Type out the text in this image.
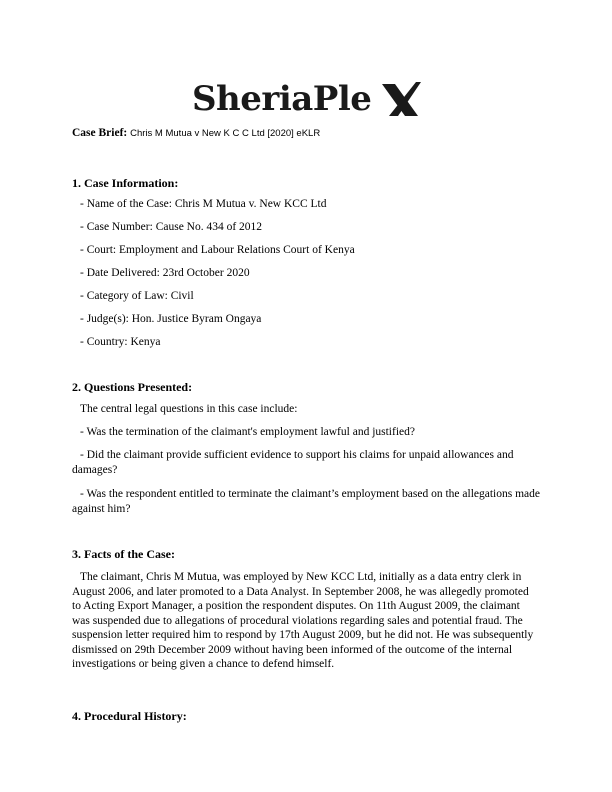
SheriaPle
Case Brief: Chris M Mutua v New K C C Ltd [2020] eKLR
1. Case Information:
- Name of the Case: Chris M Mutua v. New KCC Ltd
- Case Number: Cause No. 434 of 2012
- Court: Employment and Labour Relations Court of Kenya
- Date Delivered: 23rd October 2020
- Category of Law: Civil
- Judge(s): Hon. Justice Byram Ongaya
- Country: Kenya
2. Questions Presented:
The central legal questions in this case include:
- Was the termination of the claimant's employment lawful and justified?
- Did the claimant provide sufficient evidence to support his claims for unpaid allowances and damages?
- Was the respondent entitled to terminate the claimant’s employment based on the allegations made against him?
3. Facts of the Case:
The claimant, Chris M Mutua, was employed by New KCC Ltd, initially as a data entry clerk in August 2006, and later promoted to a Data Analyst. In September 2008, he was allegedly promoted to Acting Export Manager, a position the respondent disputes. On 11th August 2009, the claimant was suspended due to allegations of procedural violations regarding sales and potential fraud. The suspension letter required him to respond by 17th August 2009, but he did not. He was subsequently dismissed on 29th December 2009 without having been informed of the outcome of the internal investigations or being given a chance to defend himself.
4. Procedural History:
